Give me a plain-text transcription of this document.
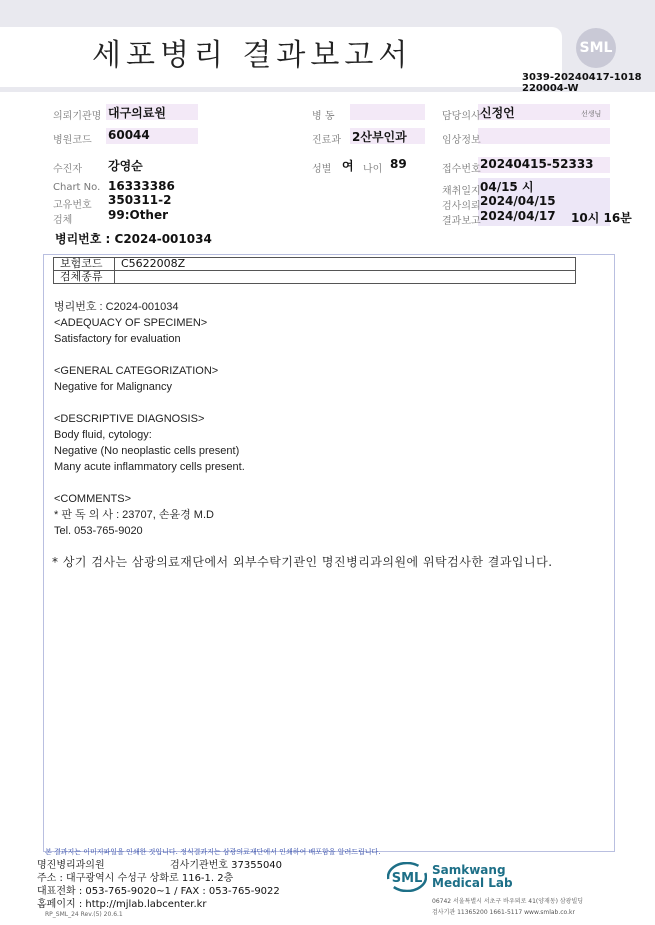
세포병리 결과보고서	SML
3039-20240417-1018
220004-W
의뢰기관명 대구의료원	병 동	담당의사 신정언	선생님
병원코드 60044	진료과 2산부인과	임상정보
수진자 강영순	성별 여 나이 89	접수번호 20240415-52333
Chart No. 16333386
고유번호 350311-2
검체	99:Other
채취일지 04/15 시
검사의뢰 2024/04/15
결과보고 2024/04/17 10시 16분
병리번호 : C2024-001034
보험코드	C5622008Z
검체종류	
병리번호 : C2024-001034
<ADEQUACY OF SPECIMEN>
Satisfactory for evaluation
<GENERAL CATEGORIZATION>
Negative for Malignancy
<DESCRIPTIVE DIAGNOSIS>
Body fluid, cytology:
Negative (No neoplastic cells present)
Many acute inflammatory cells present.
<COMMENTS>
* 판 독 의 사 : 23707, 손윤경 M.D
Tel. 053-765-9020
* 상기 검사는 삼광의료재단에서 외부수탁기관인 명진병리과의원에 위탁검사한 결과입니다.
본 결과지는 이미지파일을 인쇄한 것입니다. 정식결과지는 삼광의료재단에서 인쇄하여 배포함을 알려드립니다.
명진병리과의원	검사기관번호 37355040
주소 : 대구광역시 수성구 상화로 116-1. 2층
대표전화 : 053-765-9020~1 / FAX : 053-765-9022
홈페이지 : http://mjlab.labcenter.kr
RP_SML_24 Rev.(5) 20.6.1
SML
Samkwang
Medical Lab
06742 서울특별시 서초구 바우뫼로 41(양재동) 삼광빌딩
검사기관 11365200 1661-5117 www.smlab.co.kr
